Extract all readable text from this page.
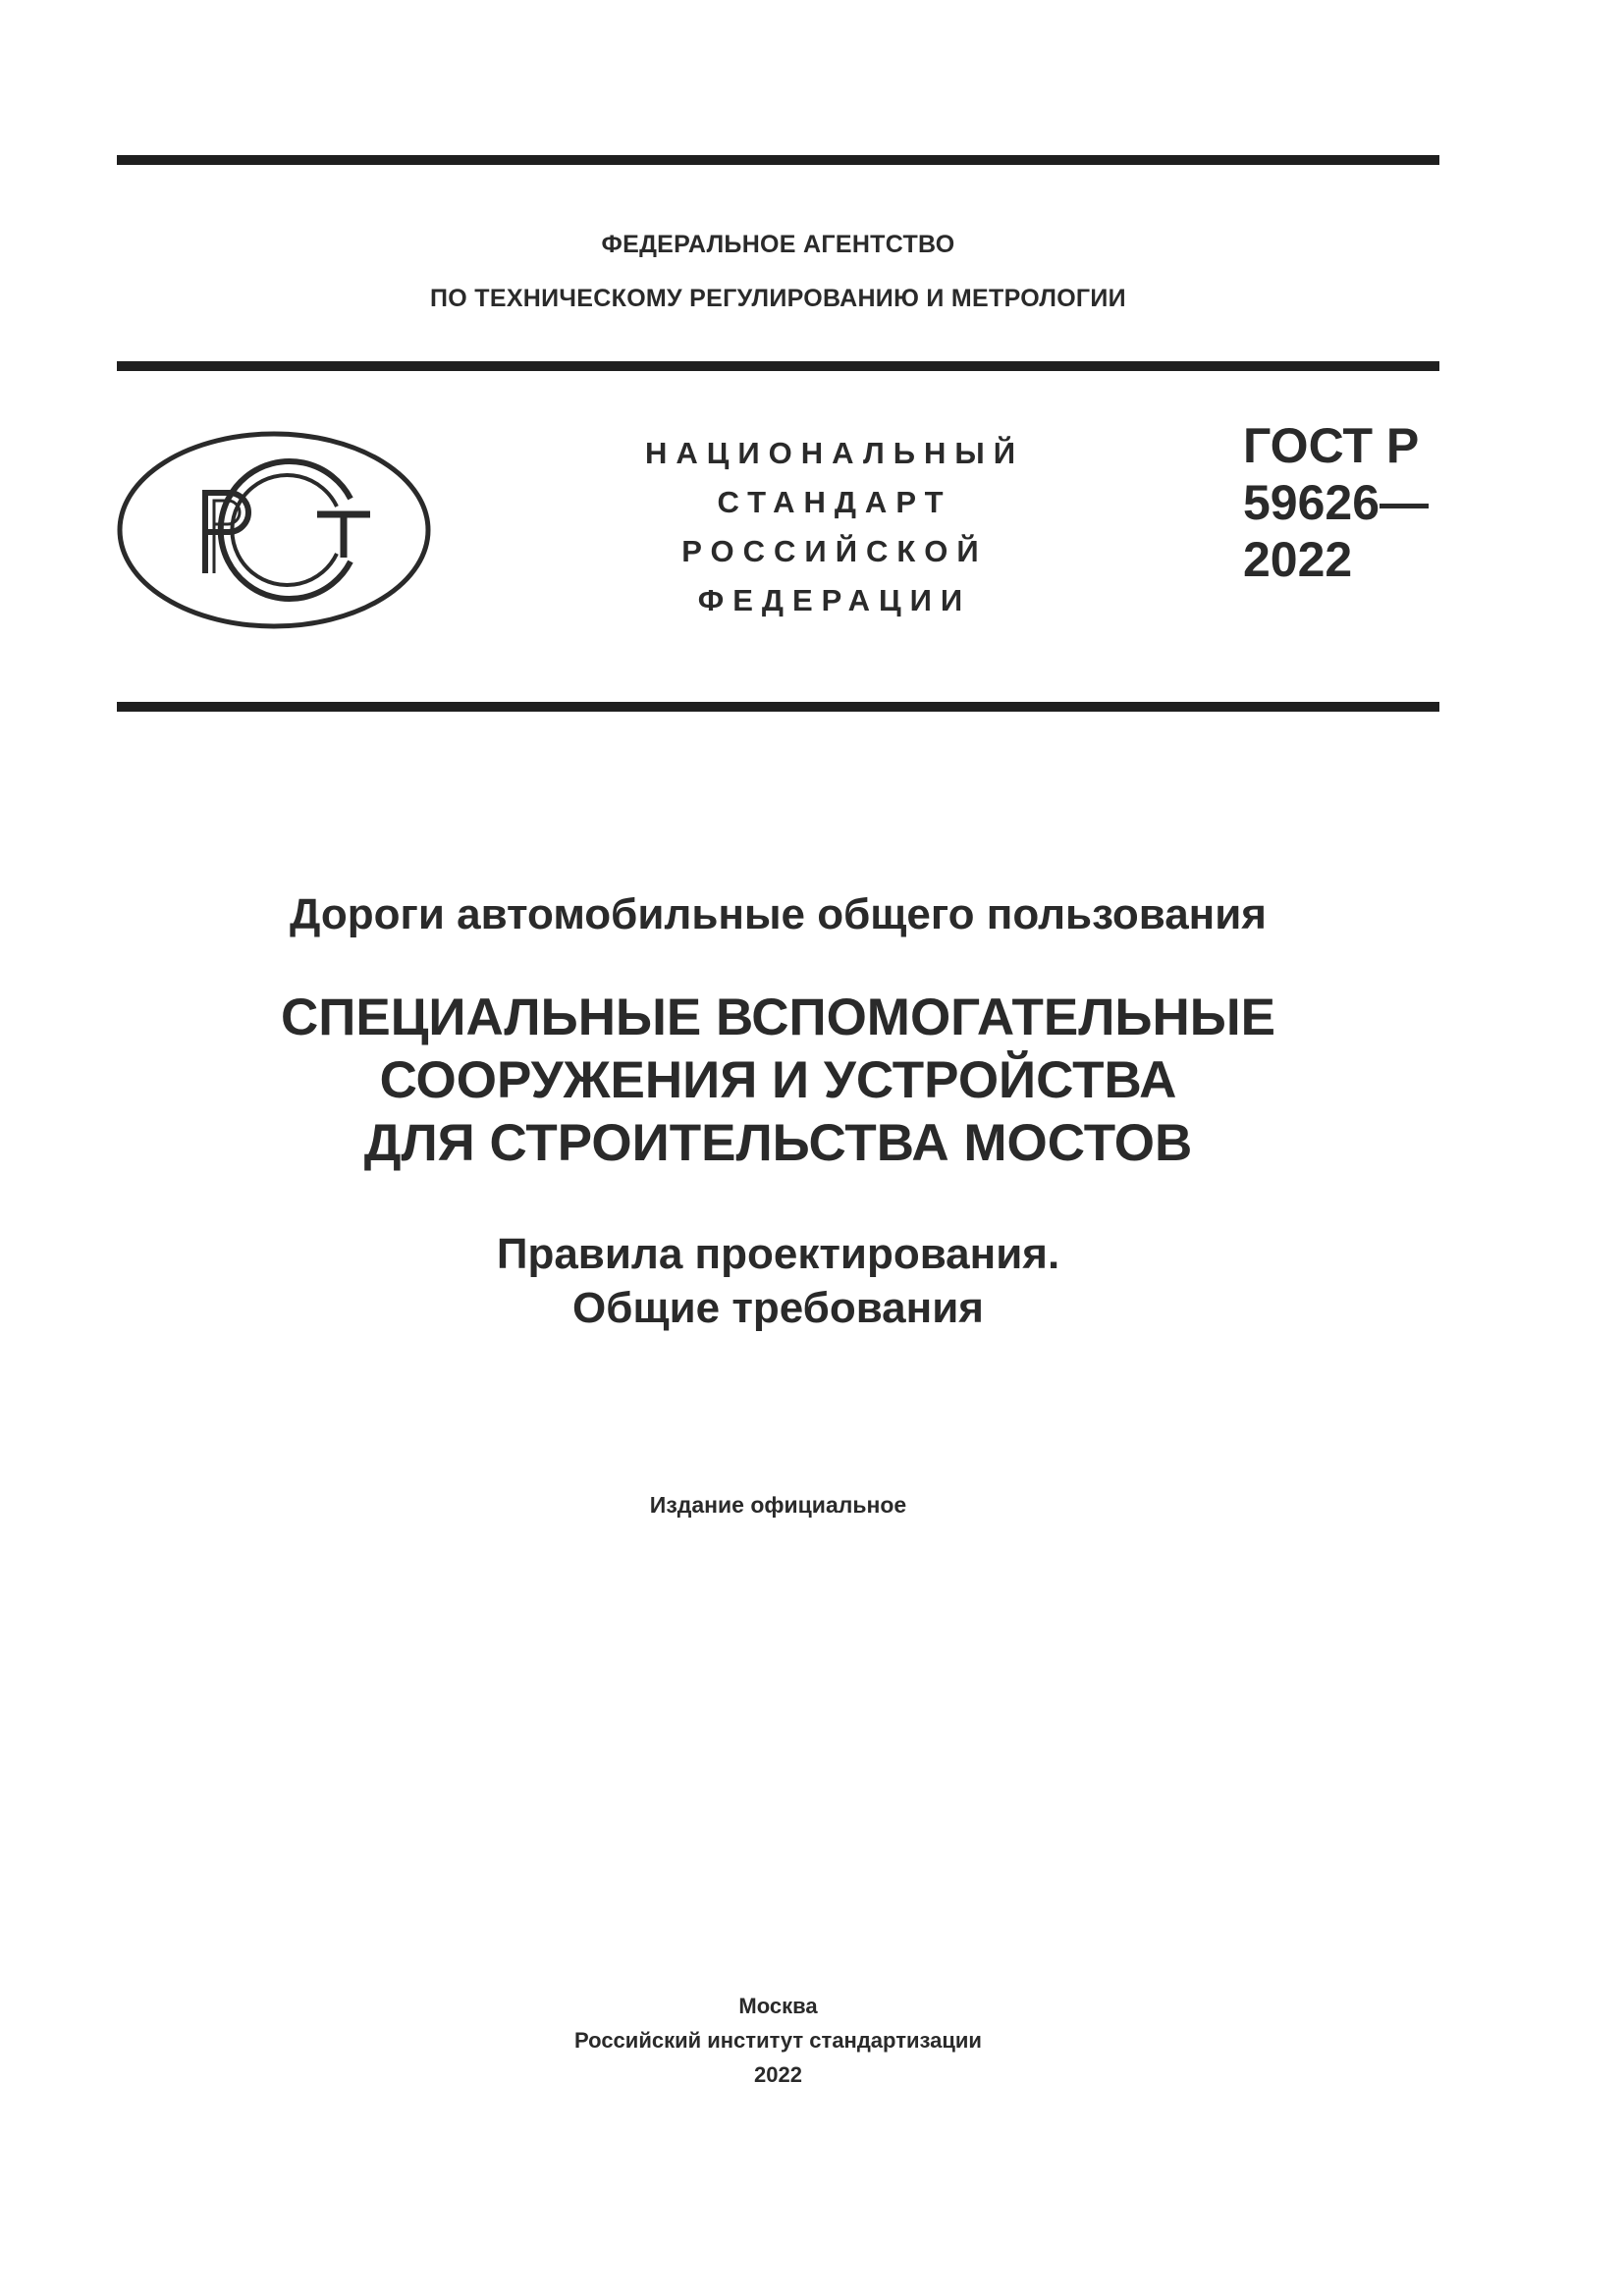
ФЕДЕРАЛЬНОЕ АГЕНТСТВО
ПО ТЕХНИЧЕСКОМУ РЕГУЛИРОВАНИЮ И МЕТРОЛОГИИ
НАЦИОНАЛЬНЫЙ
СТАНДАРТ
РОССИЙСКОЙ
ФЕДЕРАЦИИ
ГОСТ Р
59626—
2022
Дороги автомобильные общего пользования
СПЕЦИАЛЬНЫЕ ВСПОМОГАТЕЛЬНЫЕ
СООРУЖЕНИЯ И УСТРОЙСТВА
ДЛЯ СТРОИТЕЛЬСТВА МОСТОВ
Правила проектирования.
Общие требования
Издание официальное
Москва
Российский институт стандартизации
2022
